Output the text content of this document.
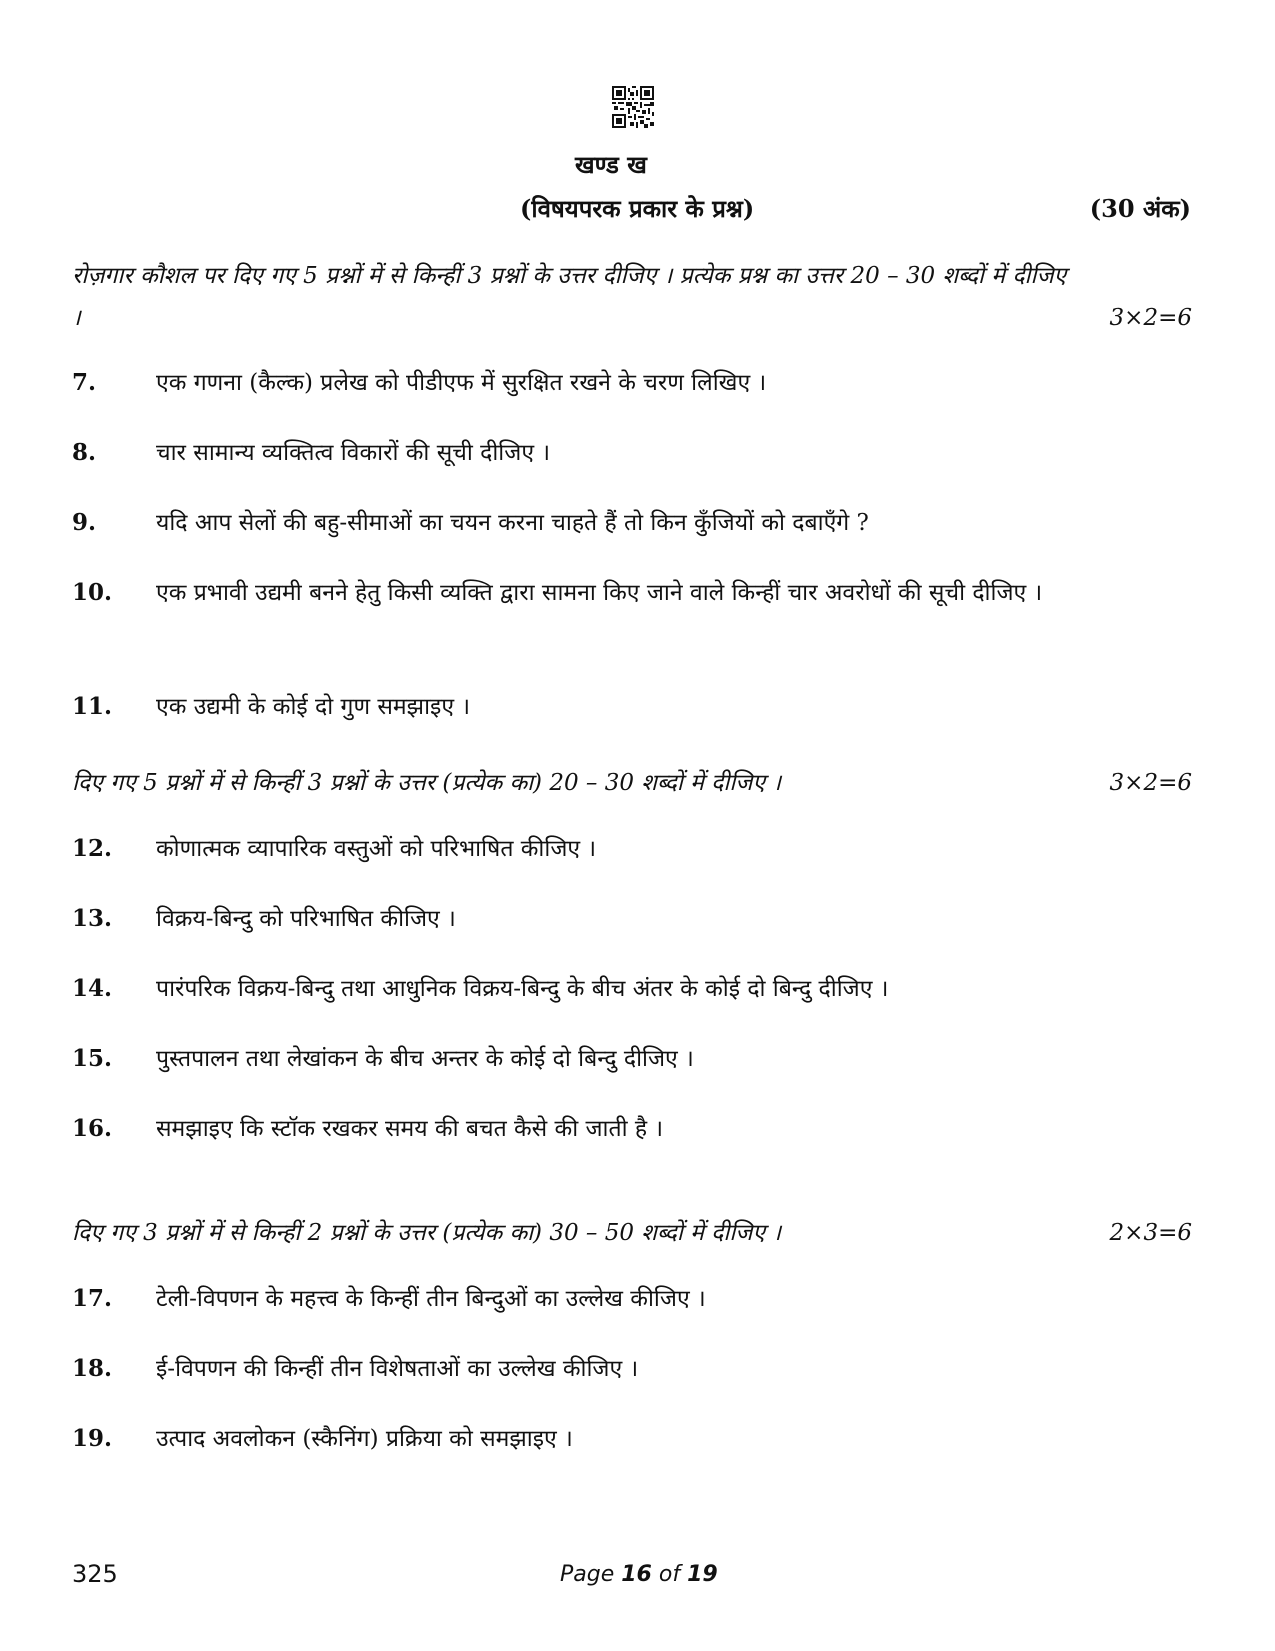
खण्ड ख
(विषयपरक प्रकार के प्रश्न)	(30 अंक)
रोज़गार कौशल पर दिए गए 5 प्रश्नों में से किन्हीं 3 प्रश्नों के उत्तर दीजिए । प्रत्येक प्रश्न का उत्तर 20 – 30 शब्दों में दीजिए ।	3×2=6
7.	एक गणना (कैल्क) प्रलेख को पीडीएफ में सुरक्षित रखने के चरण लिखिए ।
8.	चार सामान्य व्यक्तित्व विकारों की सूची दीजिए ।
9.	यदि आप सेलों की बहु-सीमाओं का चयन करना चाहते हैं तो किन कुँजियों को दबाएँगे ?
10. एक प्रभावी उद्यमी बनने हेतु किसी व्यक्ति द्वारा सामना किए जाने वाले किन्हीं चार अवरोधों की सूची दीजिए ।
11. एक उद्यमी के कोई दो गुण समझाइए ।
दिए गए 5 प्रश्नों में से किन्हीं 3 प्रश्नों के उत्तर (प्रत्येक का) 20 – 30 शब्दों में दीजिए ।	3×2=6
12. कोणात्मक व्यापारिक वस्तुओं को परिभाषित कीजिए ।
13. विक्रय-बिन्दु को परिभाषित कीजिए ।
14. पारंपरिक विक्रय-बिन्दु तथा आधुनिक विक्रय-बिन्दु के बीच अंतर के कोई दो बिन्दु दीजिए ।
15. पुस्तपालन तथा लेखांकन के बीच अन्तर के कोई दो बिन्दु दीजिए ।
16. समझाइए कि स्टॉक रखकर समय की बचत कैसे की जाती है ।
दिए गए 3 प्रश्नों में से किन्हीं 2 प्रश्नों के उत्तर (प्रत्येक का) 30 – 50 शब्दों में दीजिए ।	2×3=6
17. टेली-विपणन के महत्त्व के किन्हीं तीन बिन्दुओं का उल्लेख कीजिए ।
18. ई-विपणन की किन्हीं तीन विशेषताओं का उल्लेख कीजिए ।
19. उत्पाद अवलोकन (स्कैनिंग) प्रक्रिया को समझाइए ।
325	Page 16 of 19
